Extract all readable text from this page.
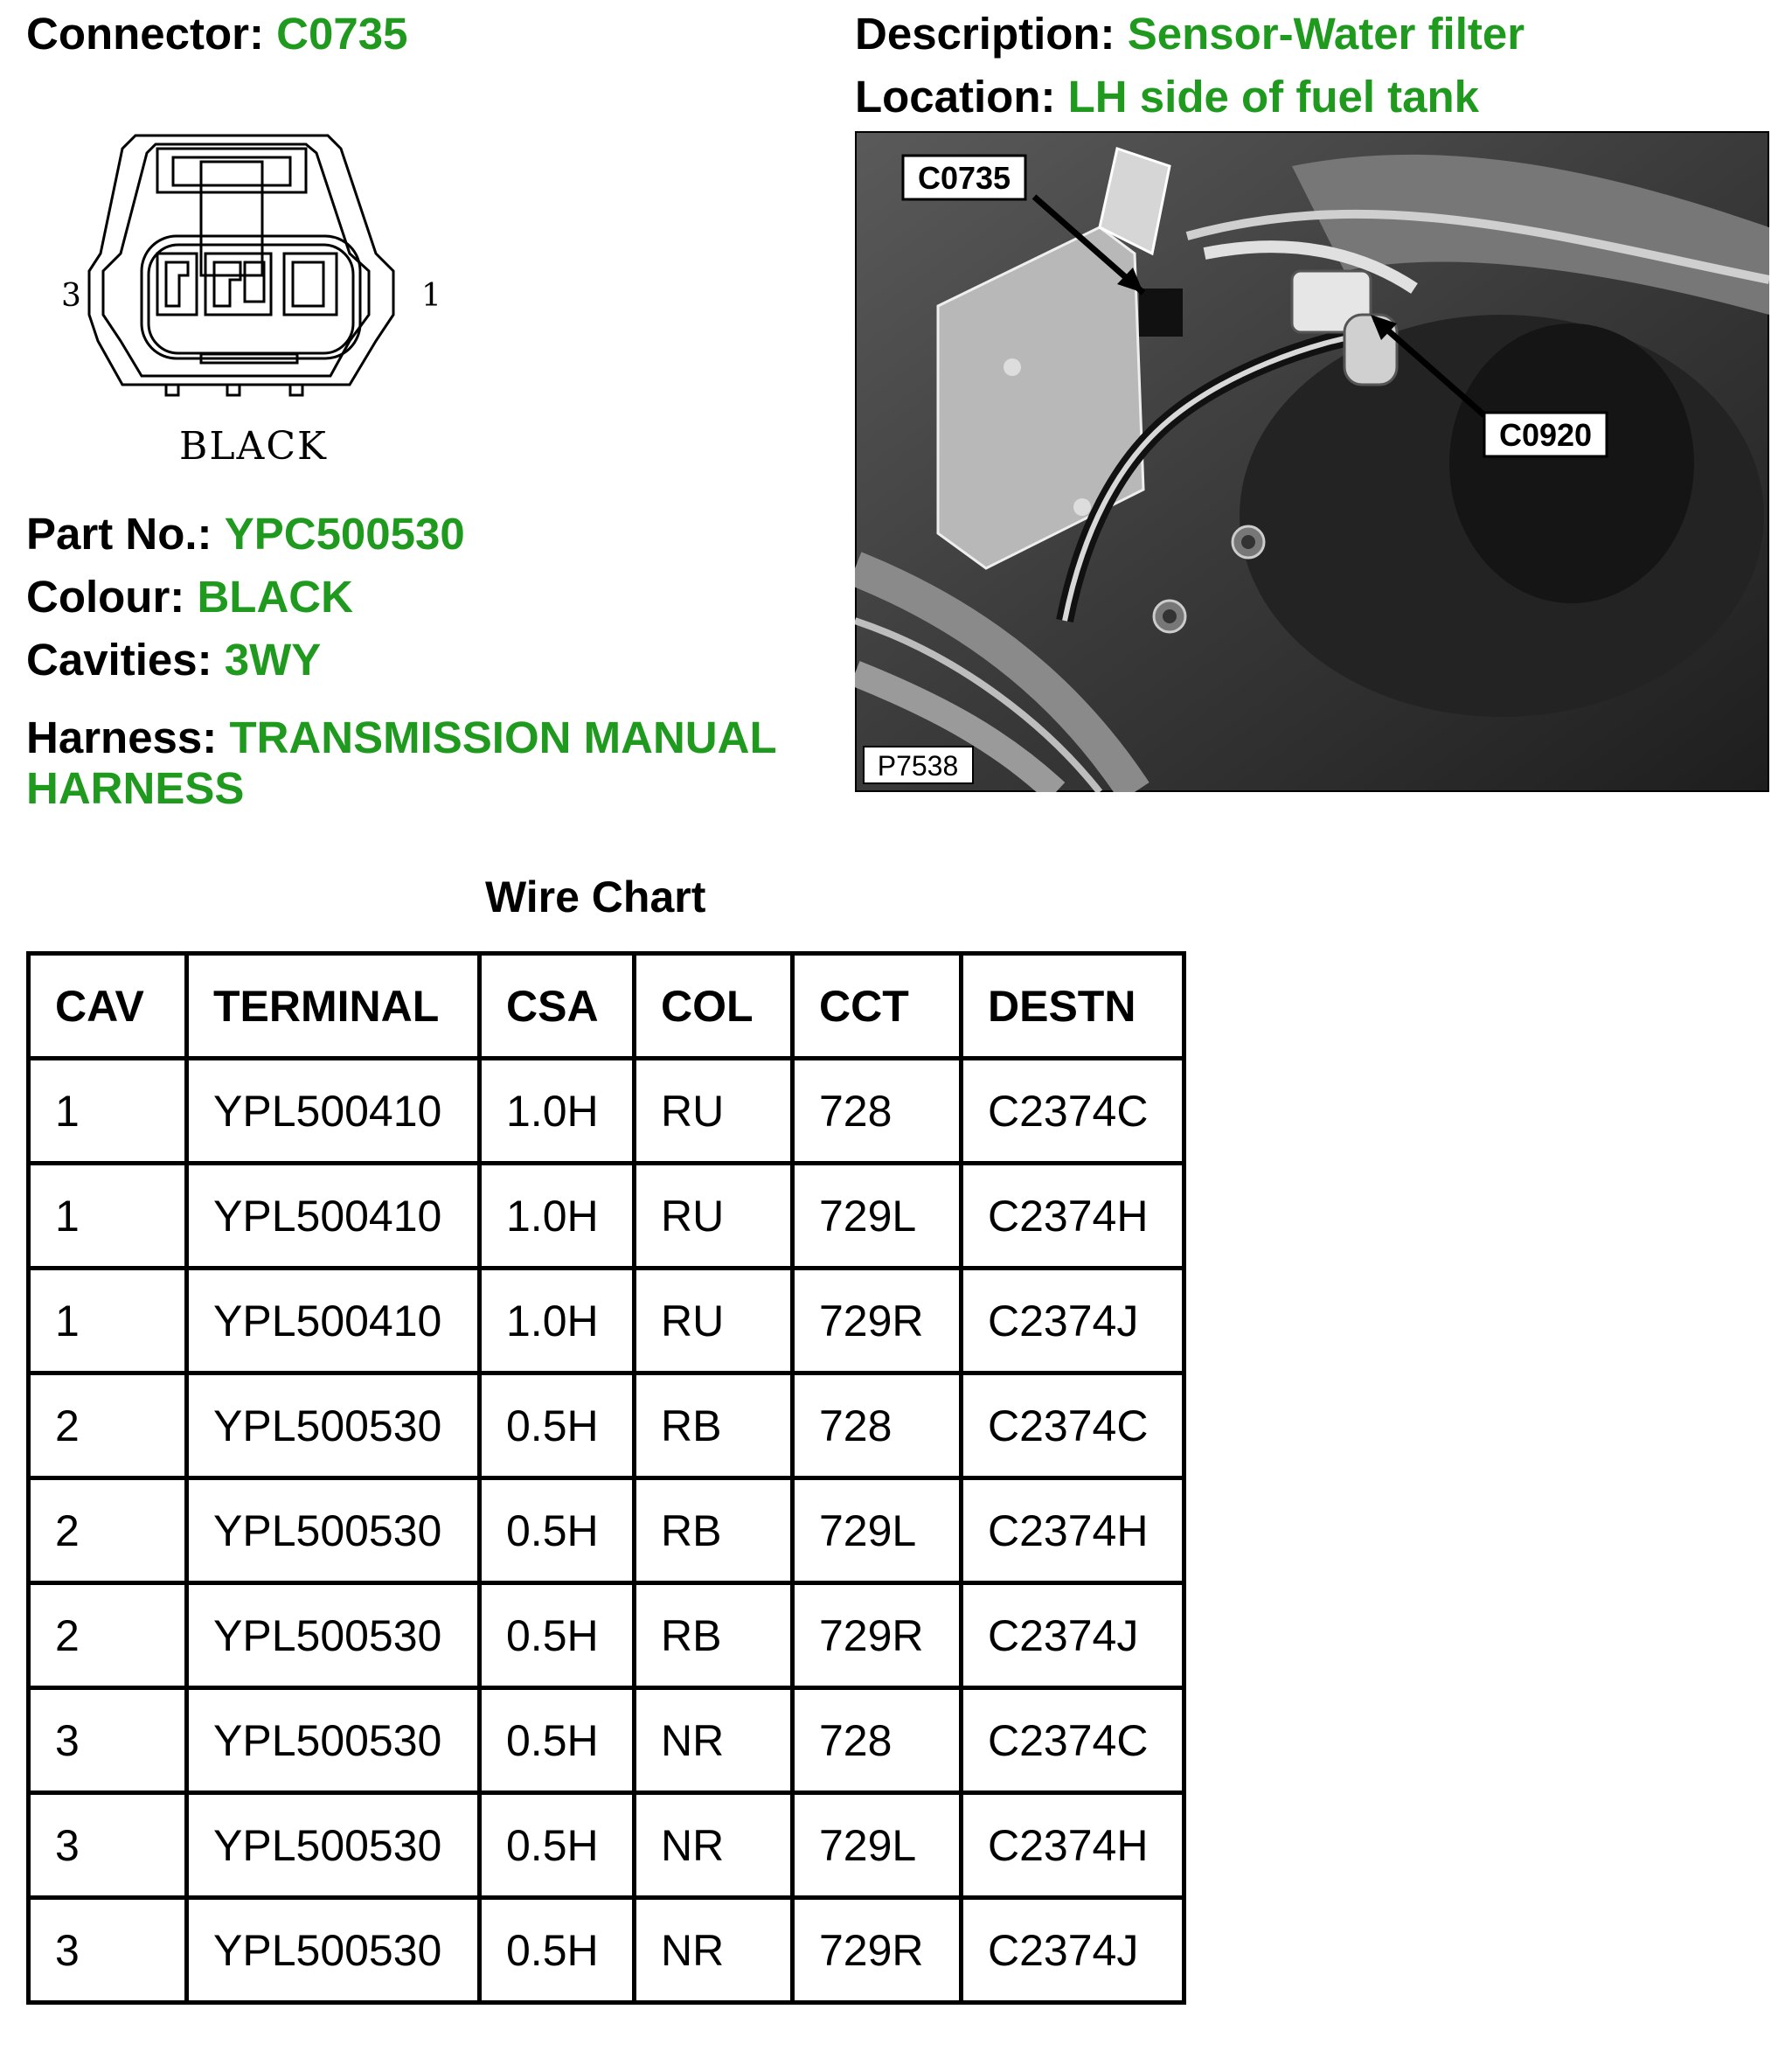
Connector: C0735	Description: Sensor-Water filter
Location: LH side of fuel tank
3	1
BLACK
Part No.: YPC500530
Colour: BLACK
Cavities: 3WY
Harness: TRANSMISSION MANUAL HARNESS
C0735
C0920
P7538
Wire Chart
CAV	TERMINAL	CSA	COL	CCT	DESTN
1	YPL500410	1.0H	RU	728	C2374C
1	YPL500410	1.0H	RU	729L	C2374H
1	YPL500410	1.0H	RU	729R	C2374J
2	YPL500530	0.5H	RB	728	C2374C
2	YPL500530	0.5H	RB	729L	C2374H
2	YPL500530	0.5H	RB	729R	C2374J
3	YPL500530	0.5H	NR	728	C2374C
3	YPL500530	0.5H	NR	729L	C2374H
3	YPL500530	0.5H	NR	729R	C2374J
